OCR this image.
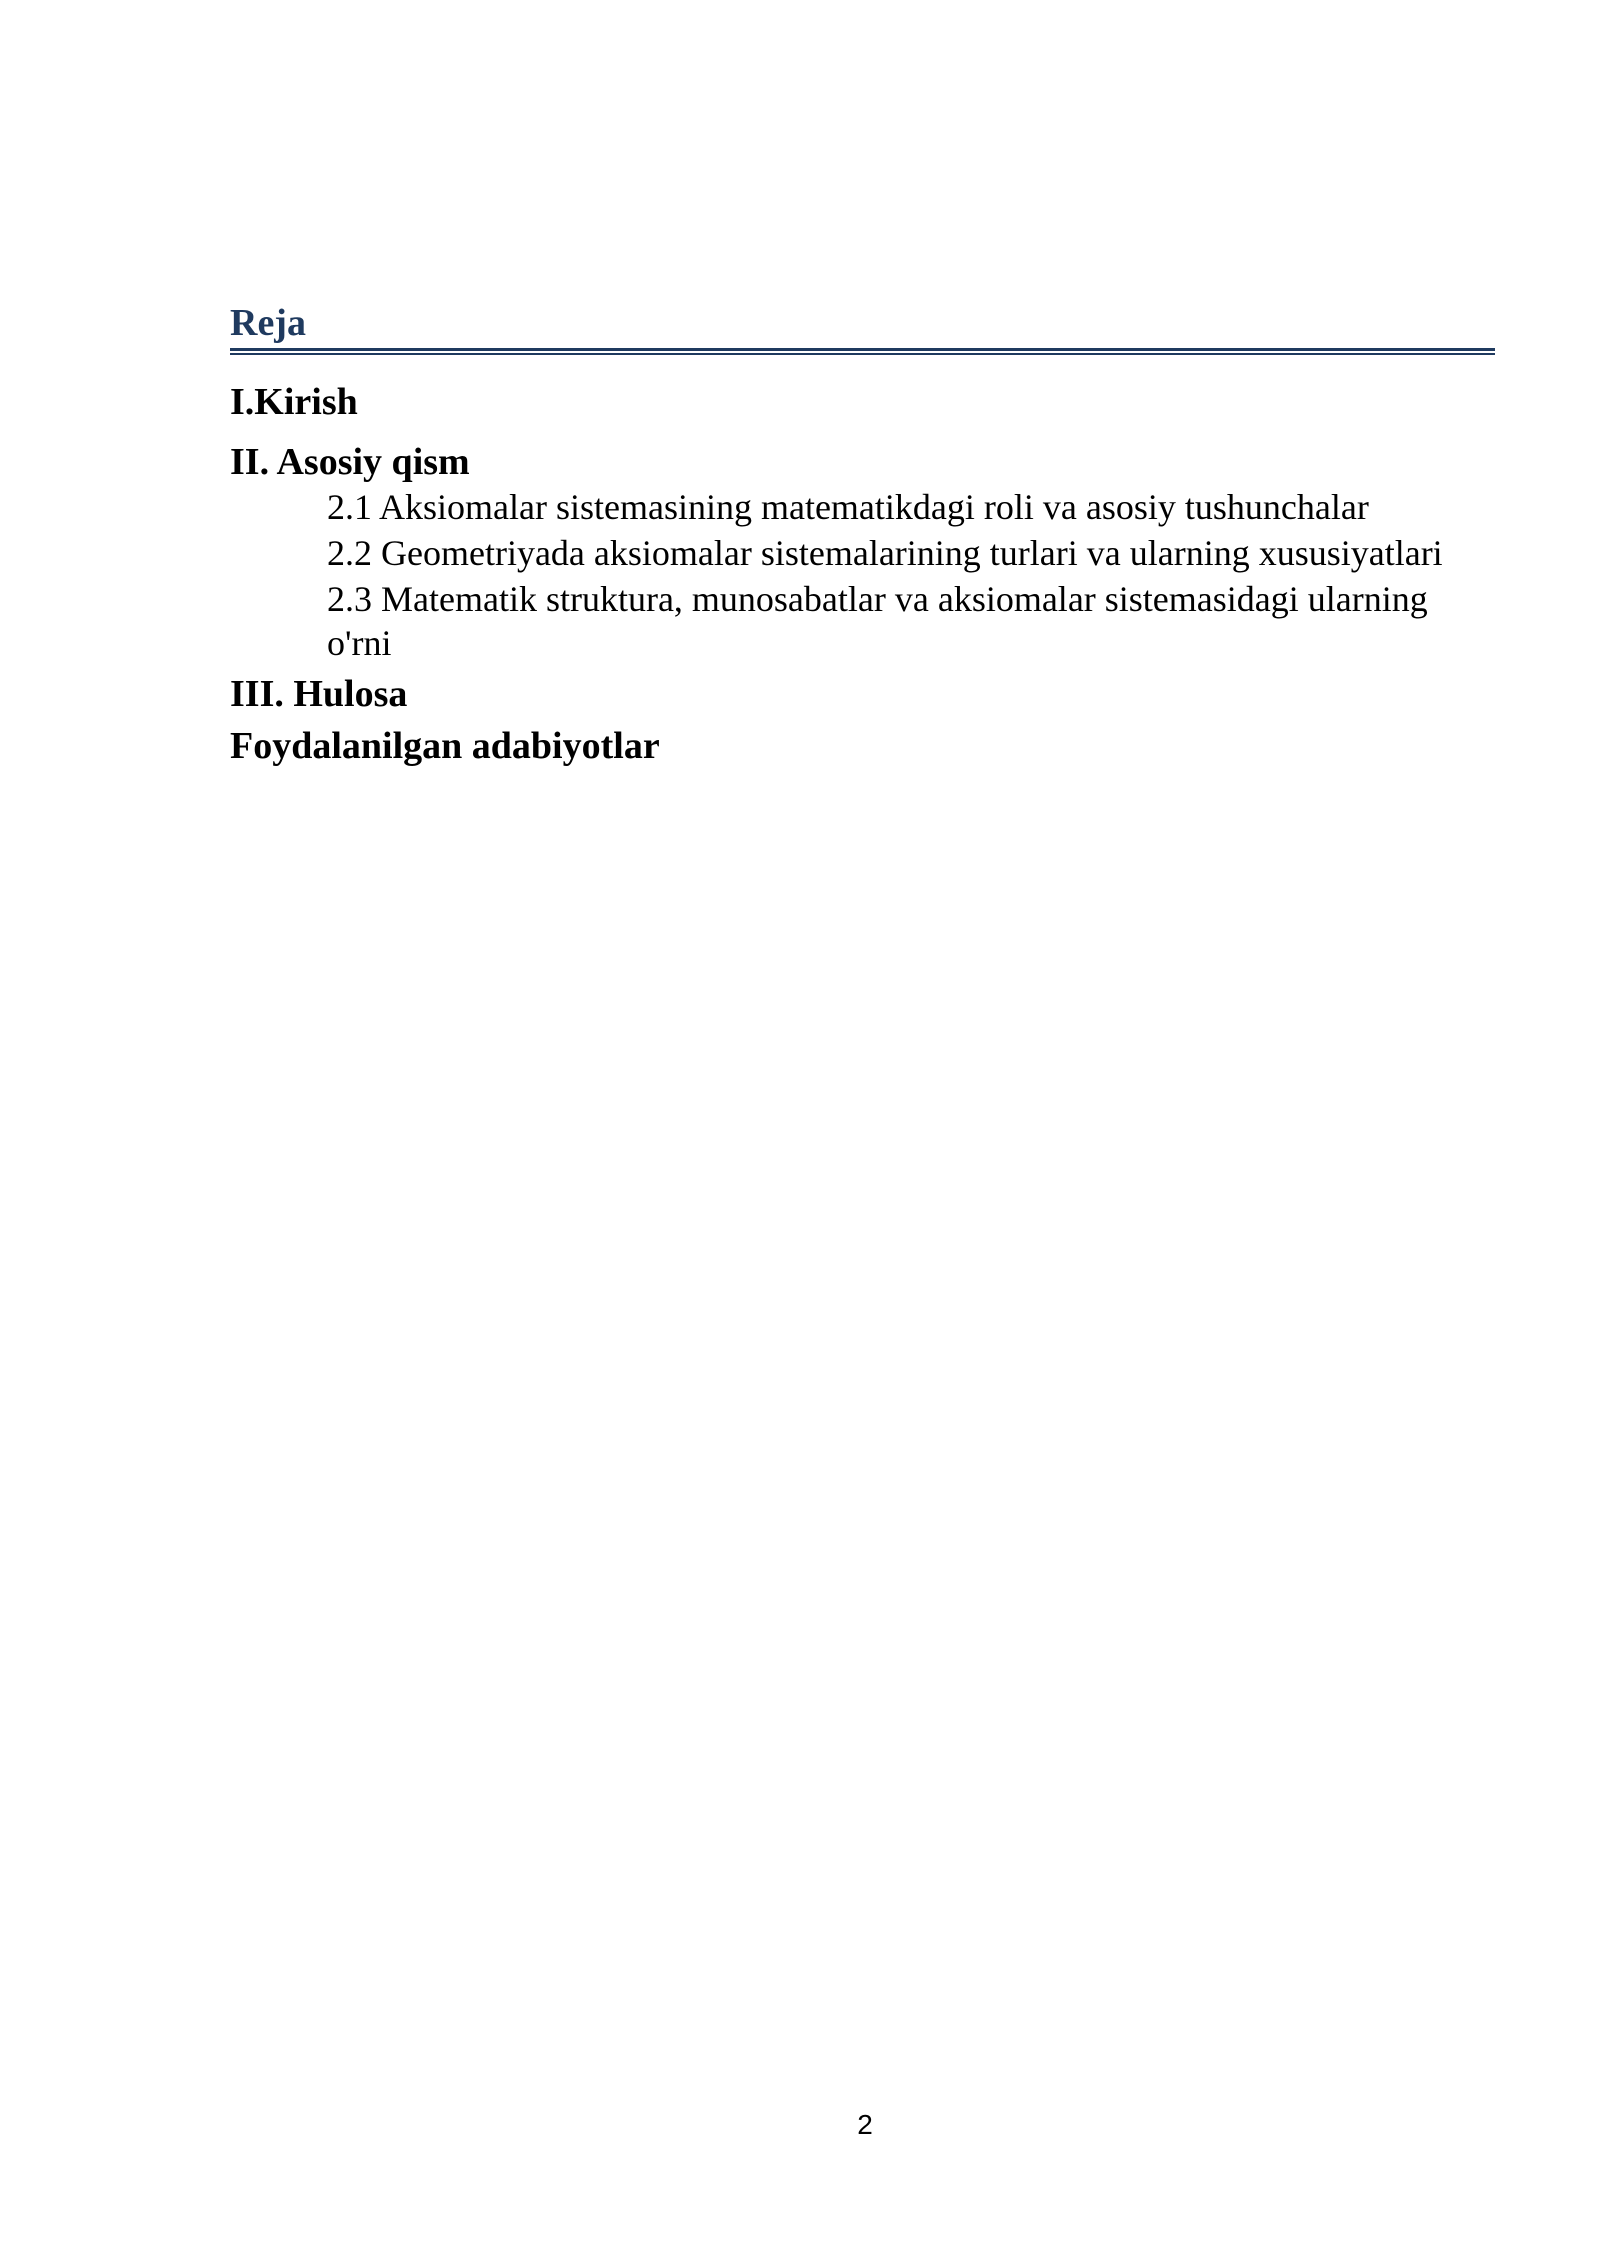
Reja

I.Kirish

II. Asosiy qism

2.1 Aksiomalar sistemasining matematikdagi roli va asosiy tushunchalar
2.2 Geometriyada aksiomalar sistemalarining turlari va ularning xususiyatlari
2.3 Matematik struktura, munosabatlar va aksiomalar sistemasidagi ularning o'rni

III. Hulosa

Foydalanilgan adabiyotlar

2
